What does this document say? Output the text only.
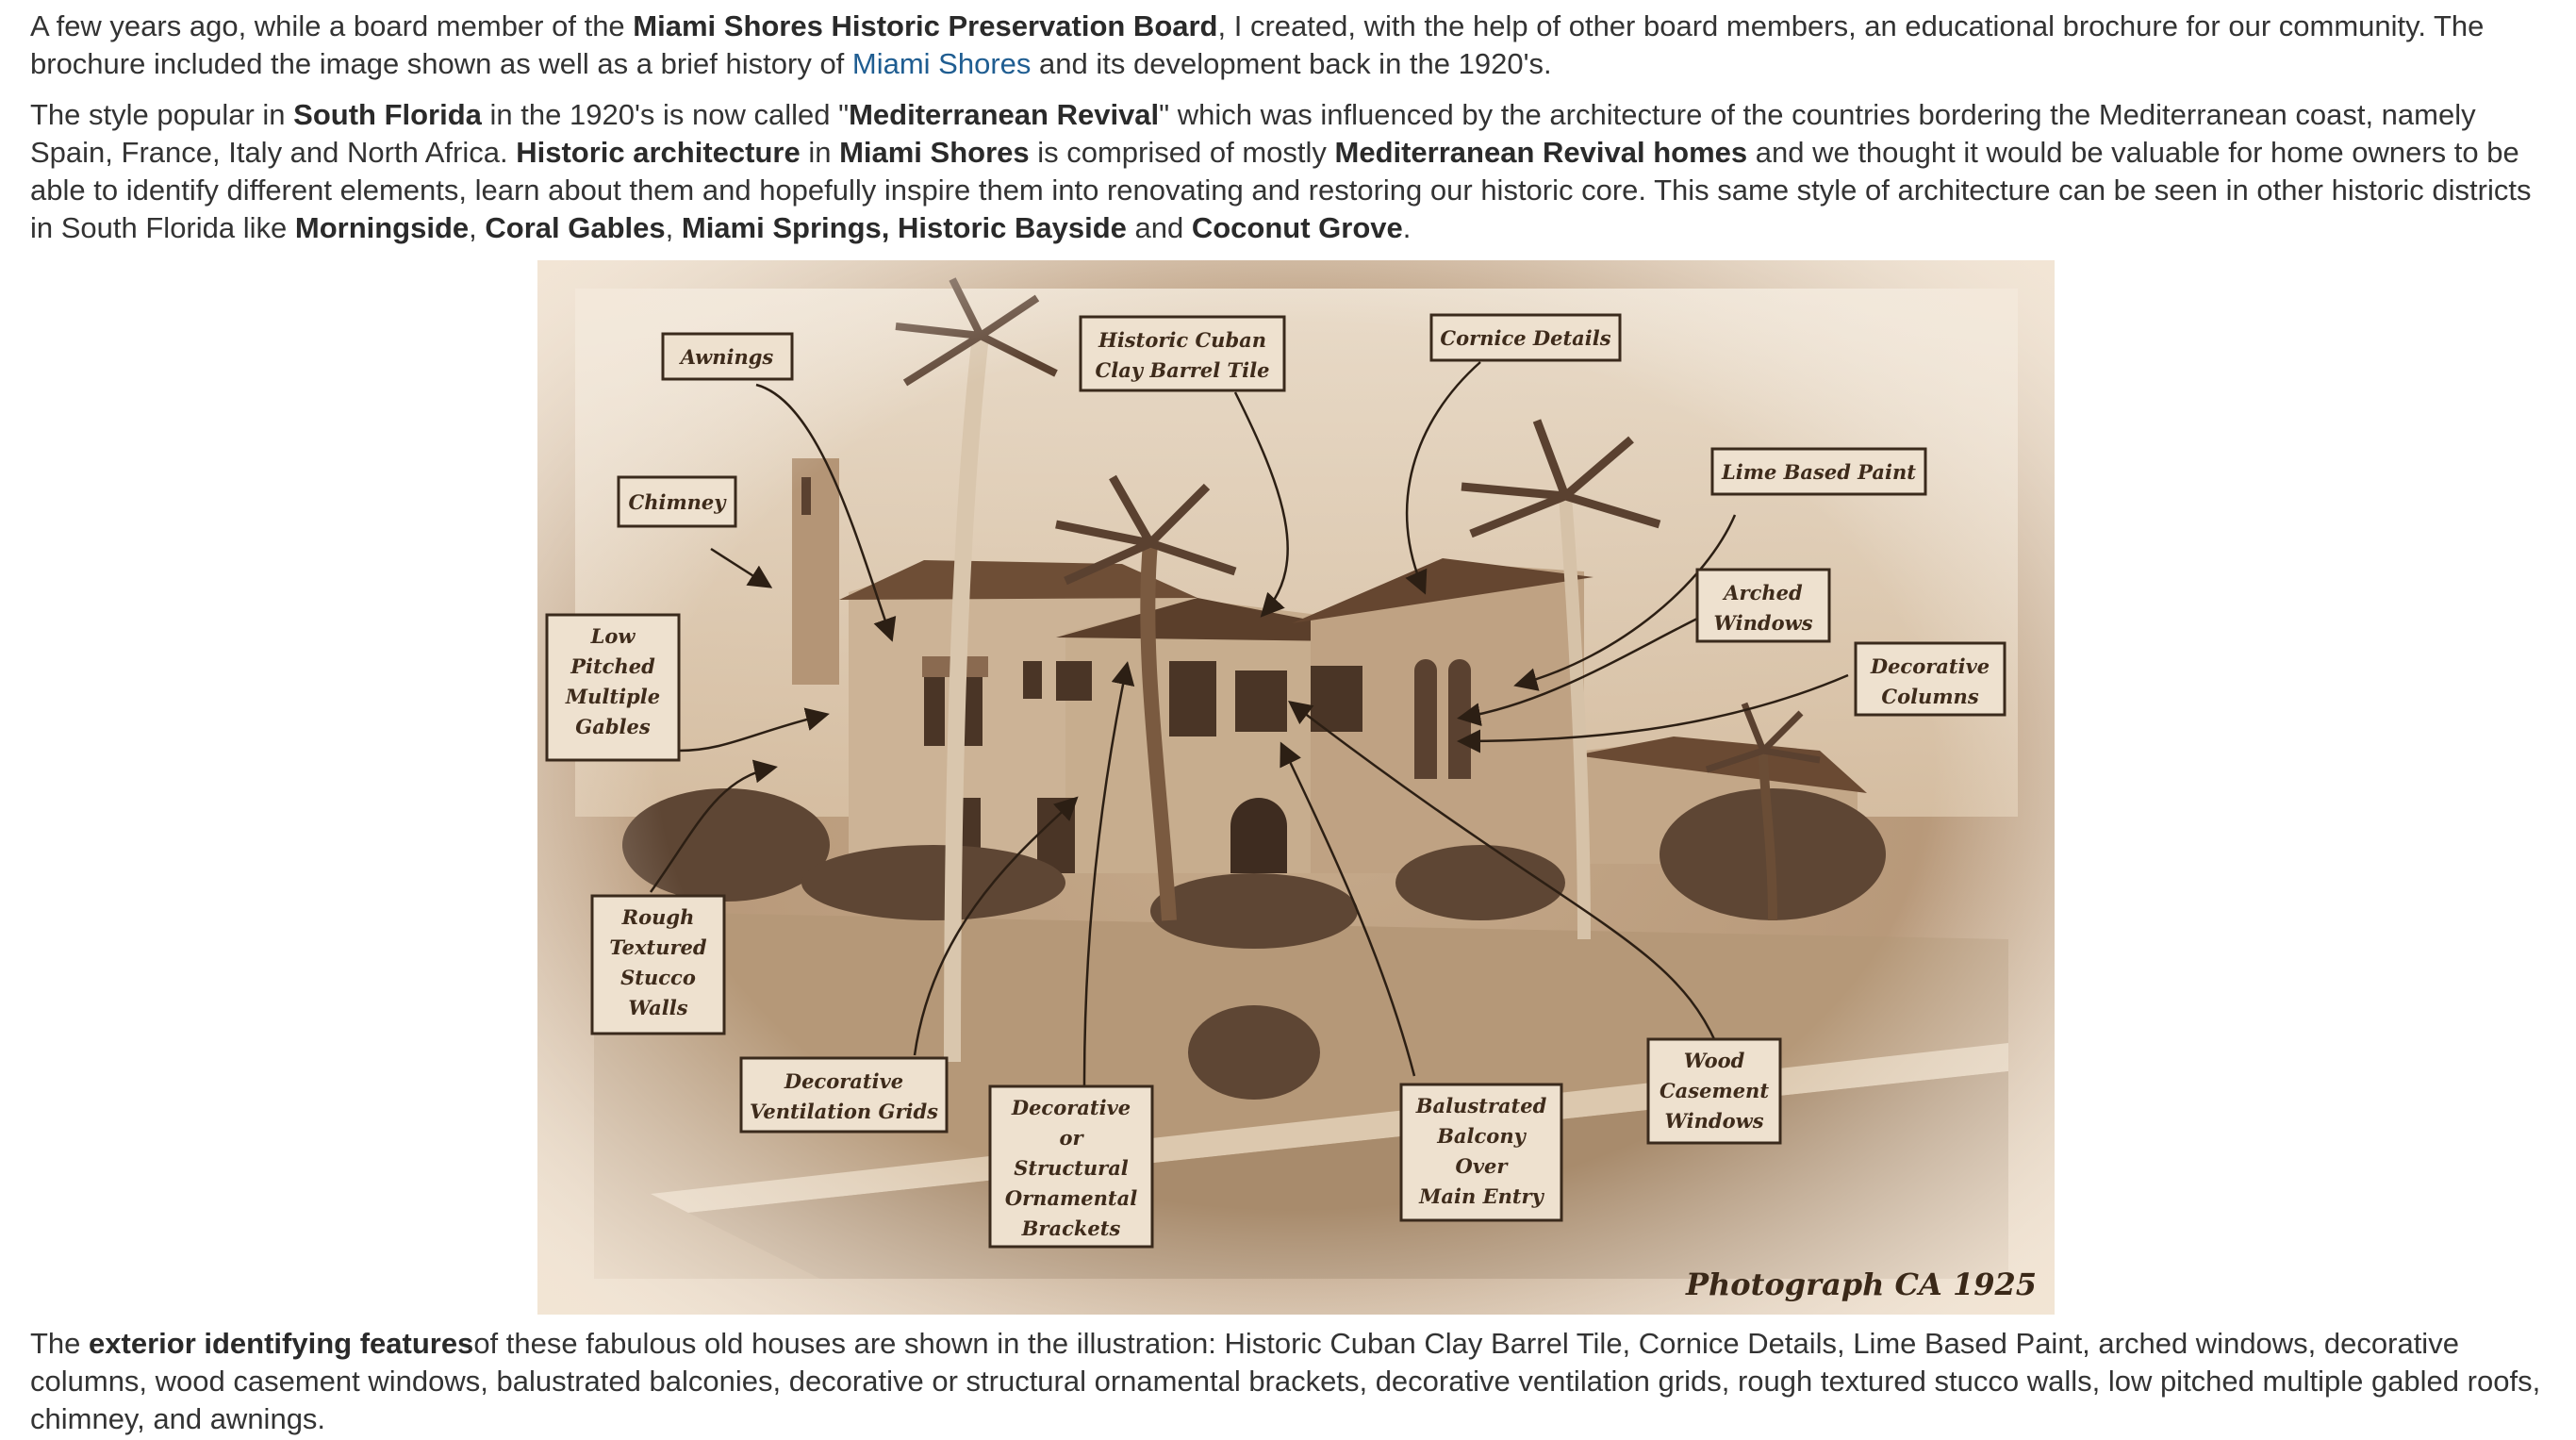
A few years ago, while a board member of the Miami Shores Historic Preservation Board, I created, with the help of other board members, an educational brochure for our community. The brochure included the image shown as well as a brief history of Miami Shores and its development back in the 1920's.

The style popular in South Florida in the 1920's is now called "Mediterranean Revival" which was influenced by the architecture of the countries bordering the Mediterranean coast, namely Spain, France, Italy and North Africa. Historic architecture in Miami Shores is comprised of mostly Mediterranean Revival homes and we thought it would be valuable for home owners to be able to identify different elements, learn about them and hopefully inspire them into renovating and restoring our historic core. This same style of architecture can be seen in other historic districts in South Florida like Morningside, Coral Gables, Miami Springs, Historic Bayside and Coconut Grove.

Awnings
Historic Cuban
Clay Barrel Tile
Cornice Details
Lime Based Paint
Chimney
Arched
Windows
Decorative
Columns
Low
Pitched
Multiple
Gables
Rough
Textured
Stucco
Walls
Decorative
Ventilation Grids	Decorative
or
Structural
Ornamental
Brackets
Balustrated
Balcony
Over
Main Entry
Wood
Casement
Windows
Photograph CA 1925

The exterior identifying featuresof these fabulous old houses are shown in the illustration: Historic Cuban Clay Barrel Tile, Cornice Details, Lime Based Paint, arched windows, decorative columns, wood casement windows, balustrated balconies, decorative or structural ornamental brackets, decorative ventilation grids, rough textured stucco walls, low pitched multiple gabled roofs, chimney, and awnings.
